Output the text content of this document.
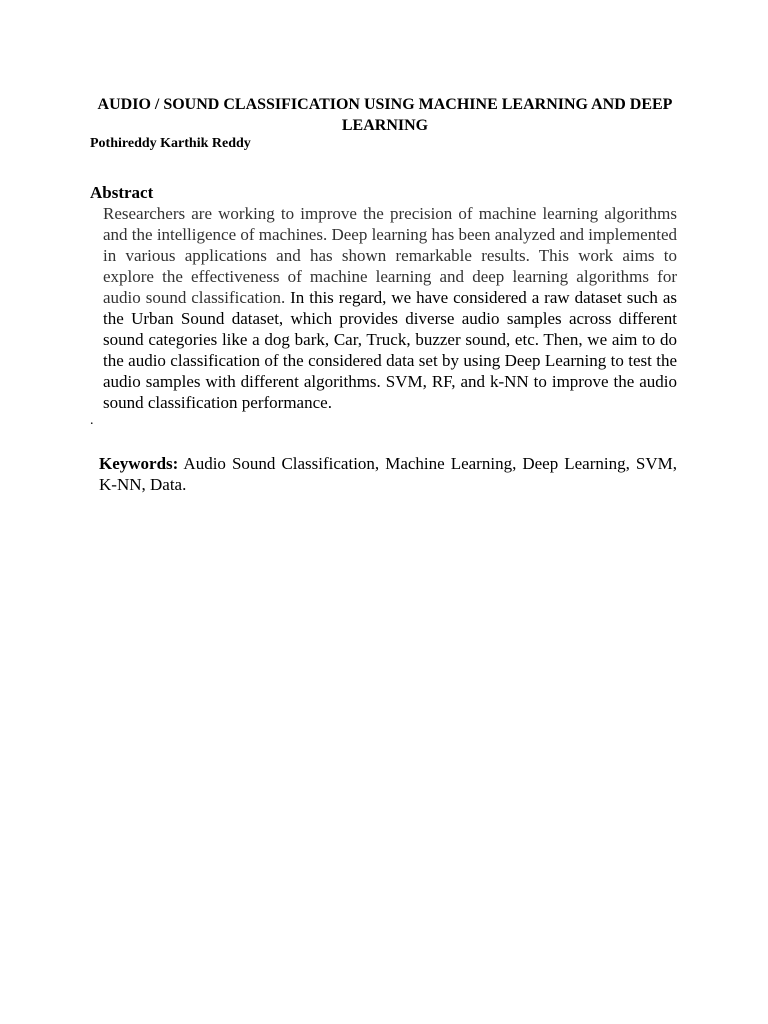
AUDIO / SOUND CLASSIFICATION USING MACHINE LEARNING AND DEEP LEARNING
Pothireddy Karthik Reddy
Abstract
Researchers are working to improve the precision of machine learning algorithms and the intelligence of machines. Deep learning has been analyzed and implemented in various applications and has shown remarkable results. This work aims to explore the effectiveness of machine learning and deep learning algorithms for audio sound classification. In this regard, we have considered a raw dataset such as the Urban Sound dataset, which provides diverse audio samples across different sound categories like a dog bark, Car, Truck, buzzer sound, etc. Then, we aim to do the audio classification of the considered data set by using Deep Learning to test the audio samples with different algorithms. SVM, RF, and k-NN to improve the audio sound classification performance.
.
Keywords: Audio Sound Classification, Machine Learning, Deep Learning, SVM, K-NN, Data.
